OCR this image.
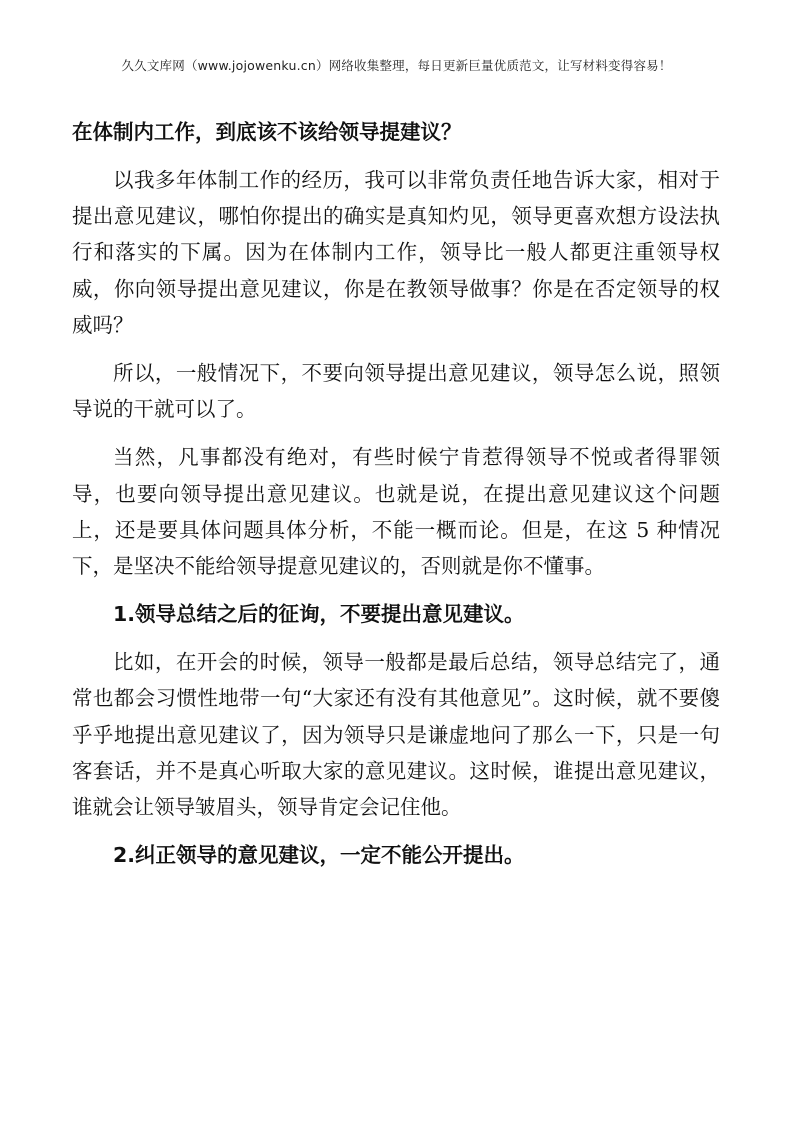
久久文库网（www.jojowenku.cn）网络收集整理，每日更新巨量优质范文，让写材料变得容易！
在体制内工作，到底该不该给领导提建议？

以我多年体制工作的经历，我可以非常负责任地告诉大家，相对于提出意见建议，哪怕你提出的确实是真知灼见，领导更喜欢想方设法执行和落实的下属。因为在体制内工作，领导比一般人都更注重领导权威，你向领导提出意见建议，你是在教领导做事？你是在否定领导的权威吗？

所以，一般情况下，不要向领导提出意见建议，领导怎么说，照领导说的干就可以了。

当然，凡事都没有绝对，有些时候宁肯惹得领导不悦或者得罪领导，也要向领导提出意见建议。也就是说，在提出意见建议这个问题上，还是要具体问题具体分析，不能一概而论。但是，在这 5 种情况下，是坚决不能给领导提意见建议的，否则就是你不懂事。

1.领导总结之后的征询，不要提出意见建议。

比如，在开会的时候，领导一般都是最后总结，领导总结完了，通常也都会习惯性地带一句“大家还有没有其他意见”。这时候，就不要傻乎乎地提出意见建议了，因为领导只是谦虚地问了那么一下，只是一句客套话，并不是真心听取大家的意见建议。这时候，谁提出意见建议，谁就会让领导皱眉头，领导肯定会记住他。

2.纠正领导的意见建议，一定不能公开提出。
